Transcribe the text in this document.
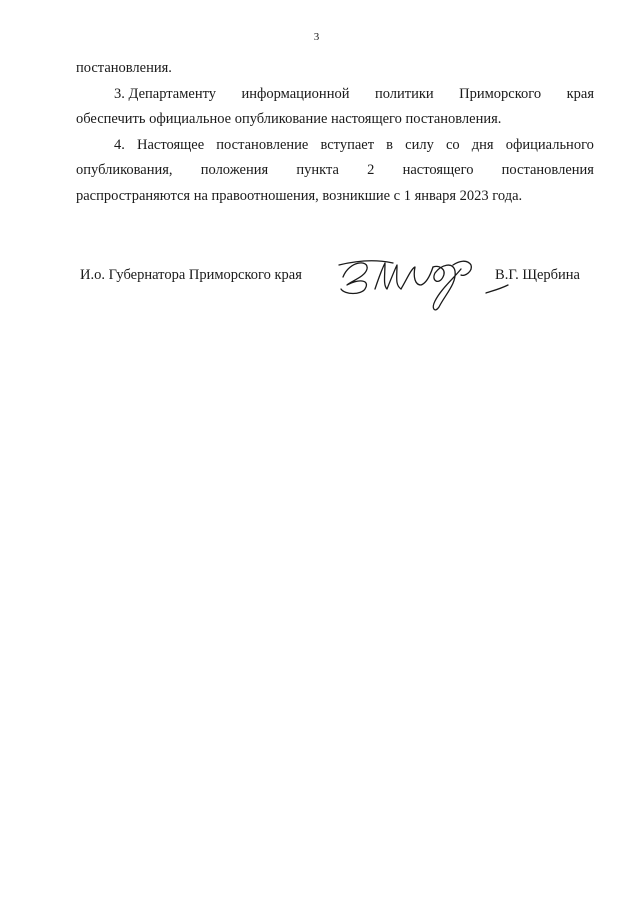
3
постановления.
3. Департаменту информационной политики Приморского края
обеспечить официальное опубликование настоящего постановления.
4. Настоящее постановление вступает в силу со дня официального
опубликования, положения пункта 2 настоящего постановления
распространяются на правоотношения, возникшие с 1 января 2023 года.
И.о. Губернатора Приморского края	В.Г. Щербина
